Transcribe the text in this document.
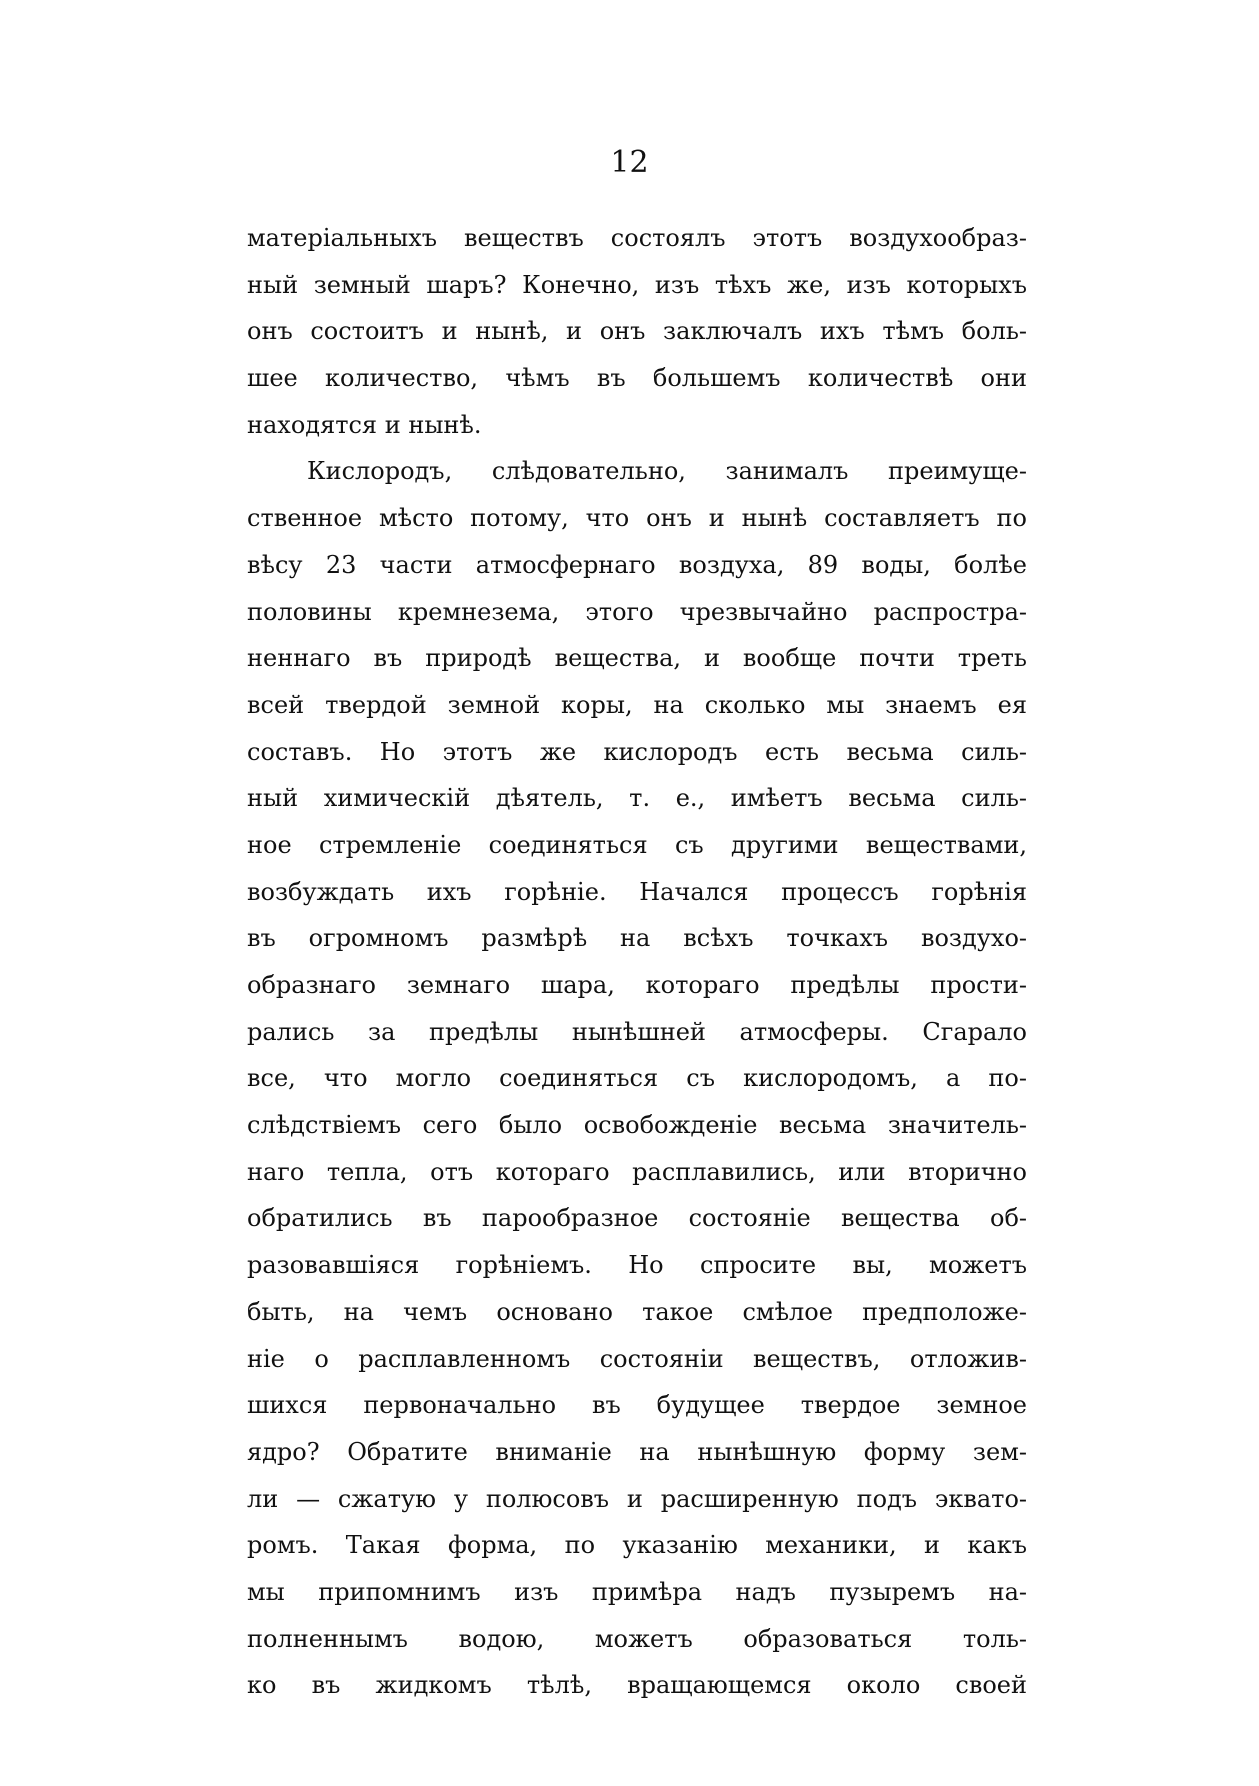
12
матеріальныхъ веществъ состоялъ этотъ воздухообраз-
ный земный шаръ? Конечно, изъ тѣхъ же, изъ которыхъ
онъ состоитъ и нынѣ, и онъ заключалъ ихъ тѣмъ боль-
шее количество, чѣмъ въ большемъ количествѣ они
находятся и нынѣ.
Кислородъ, слѣдовательно, занималъ преимуще-
ственное мѣсто потому, что онъ и нынѣ составляетъ по
вѣсу 23 части атмосфернаго воздуха, 89 воды, болѣе
половины кремнезема, этого чрезвычайно распростра-
неннаго въ природѣ вещества, и вообще почти треть
всей твердой земной коры, на сколько мы знаемъ ея
составъ. Но этотъ же кислородъ есть весьма силь-
ный химическій дѣятель, т. е., имѣетъ весьма силь-
ное стремленіе соединяться съ другими веществами,
возбуждать ихъ горѣніе. Начался процессъ горѣнія
въ огромномъ размѣрѣ на всѣхъ точкахъ воздухо-
образнаго земнаго шара, котораго предѣлы прости-
рались за предѣлы нынѣшней атмосферы. Сгарало
все, что могло соединяться съ кислородомъ, а по-
слѣдствіемъ сего было освобожденіе весьма значитель-
наго тепла, отъ котораго расплавились, или вторично
обратились въ парообразное состояніе вещества об-
разовавшіяся горѣніемъ. Но спросите вы, можетъ
быть, на чемъ основано такое смѣлое предположе-
ніе о расплавленномъ состояніи веществъ, отложив-
шихся первоначально въ будущее твердое земное
ядро? Обратите вниманіе на нынѣшную форму зем-
ли — сжатую у полюсовъ и расширенную подъ эквато-
ромъ. Такая форма, по указанію механики, и какъ
мы припомнимъ изъ примѣра надъ пузыремъ на-
полненнымъ водою, можетъ образоваться толь-
ко въ жидкомъ тѣлѣ, вращающемся около своей
